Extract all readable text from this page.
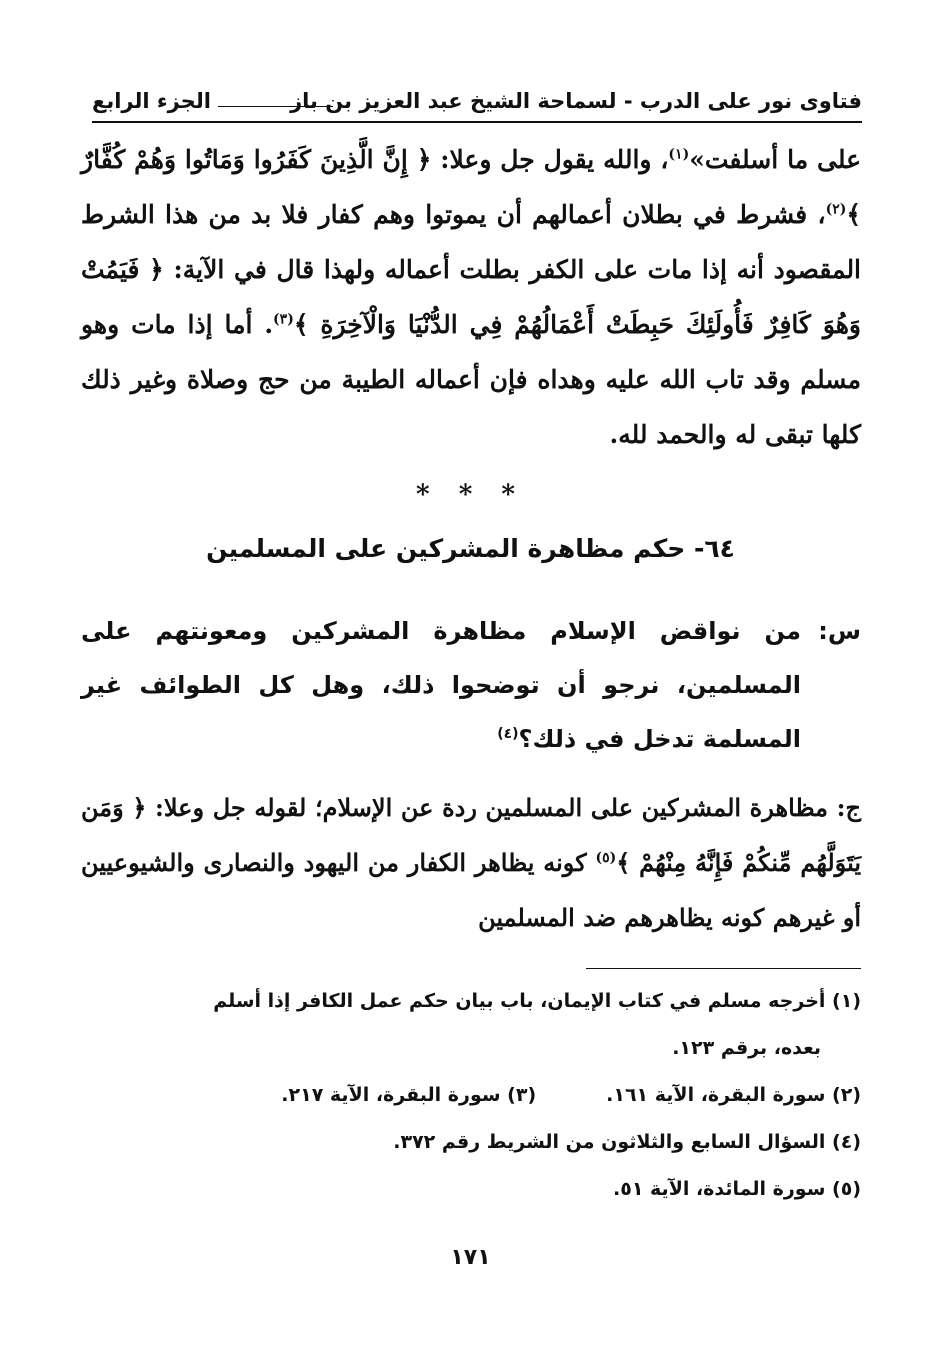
فتاوى نور على الدرب - لسماحة الشيخ عبد العزيز بن باز
الجزء الرابع

على ما أسلفت»$^{(١)}$، والله يقول جل وعلا: ﴿ إِنَّ الَّذِينَ كَفَرُوا وَمَاتُوا وَهُمْ كُفَّارٌ ﴾$^{(٢)}$، فشرط في بطلان أعمالهم أن يموتوا وهم كفار فلا بد من هذا الشرط المقصود أنه إذا مات على الكفر بطلت أعماله ولهذا قال في الآية: ﴿ فَيَمُتْ وَهُوَ كَافِرٌ فَأُولَئِكَ حَبِطَتْ أَعْمَالُهُمْ فِي الدُّنْيَا وَالْآخِرَةِ ﴾$^{(٣)}$. أما إذا مات وهو مسلم وقد تاب الله عليه وهداه فإن أعماله الطيبة من حج وصلاة وغير ذلك كلها تبقى له والحمد لله.

* * *
٦٤- حكم مظاهرة المشركين على المسلمين
س:
من نواقض الإسلام مظاهرة المشركين ومعونتهم على المسلمين، نرجو أن توضحوا ذلك، وهل كل الطوائف غير المسلمة تدخل في ذلك؟$^{(٤)}$
ج: مظاهرة المشركين على المسلمين ردة عن الإسلام؛ لقوله جل وعلا: ﴿ وَمَن يَتَوَلَّهُم مِّنكُمْ فَإِنَّهُ مِنْهُمْ ﴾$^{(٥)}$ كونه يظاهر الكفار من اليهود والنصارى والشيوعيين أو غيرهم كونه يظاهرهم ضد المسلمين

(١) أخرجه مسلم في كتاب الإيمان، باب بيان حكم عمل الكافر إذا أسلم

بعده، برقم ١٢٣.

(٢) سورة البقرة، الآية ١٦١.
(٣) سورة البقرة، الآية ٢١٧.

(٤) السؤال السابع والثلاثون من الشريط رقم ٣٧٢.

(٥) سورة المائدة، الآية ٥١.

١٧١
